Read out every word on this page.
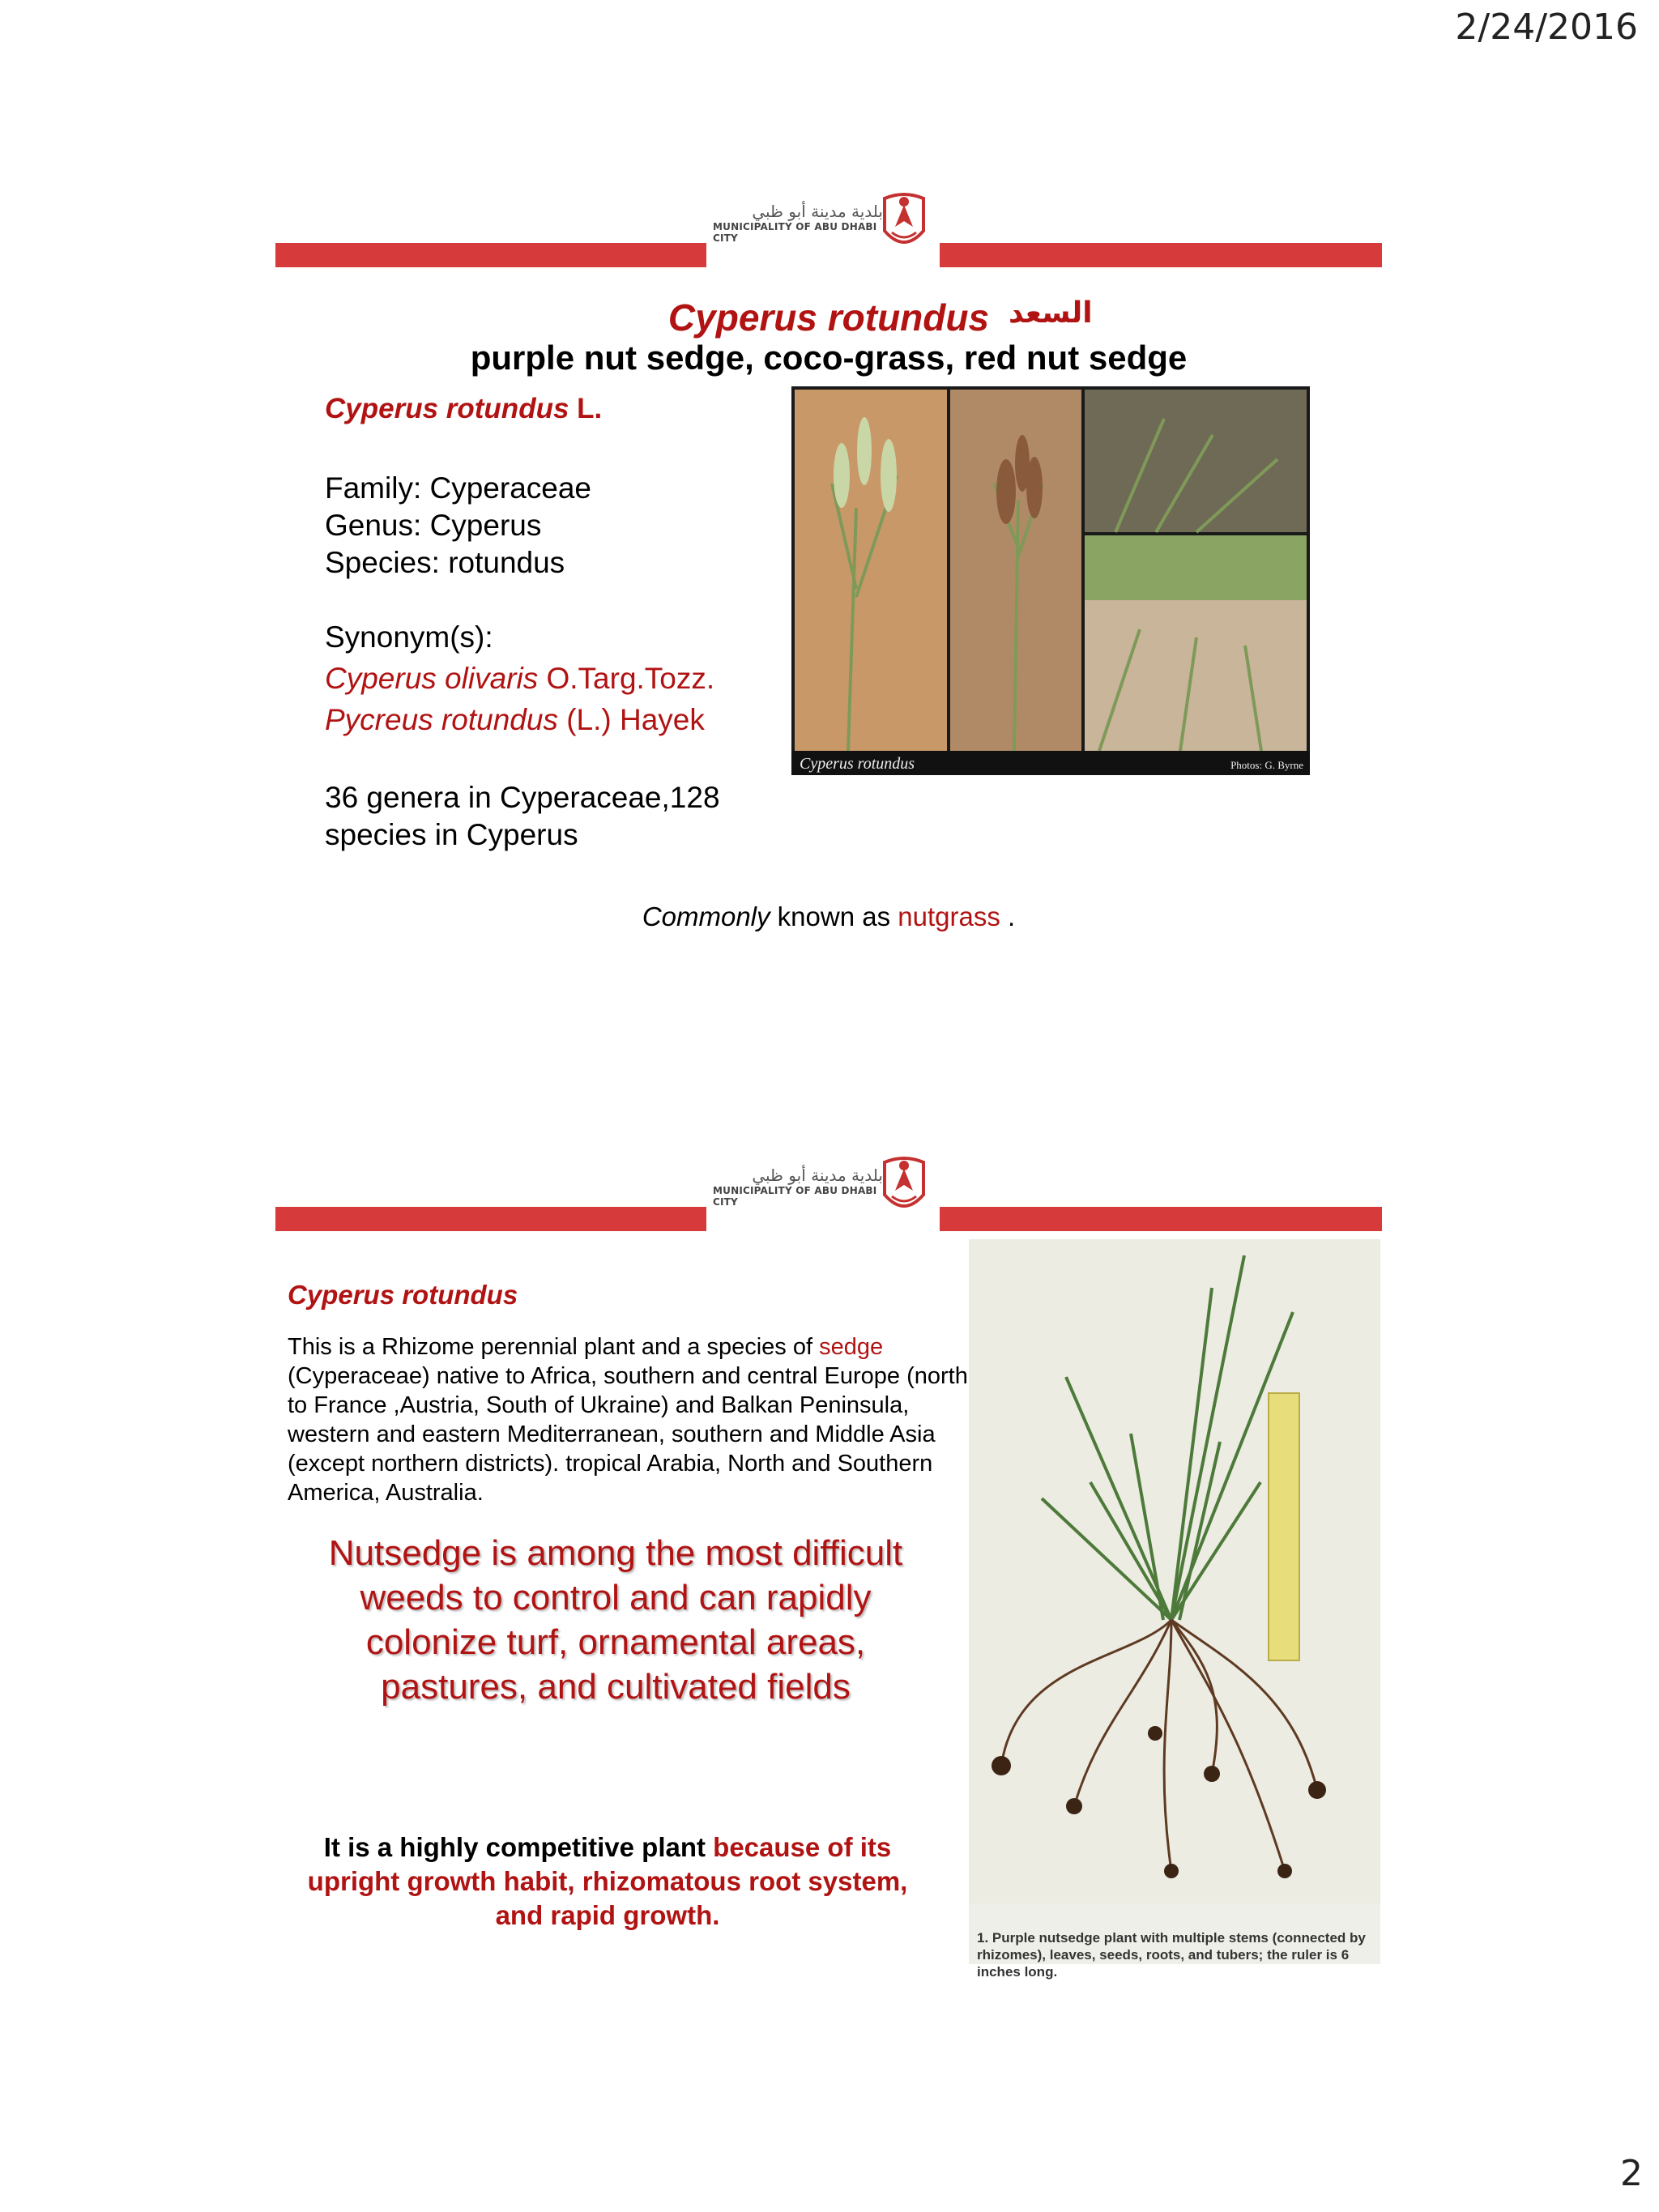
2/24/2016
بلدية مدينة أبو ظبي
MUNICIPALITY OF ABU DHABI CITY
Cyperus rotundus السعد
purple nut sedge, coco-grass, red nut sedge

Cyperus rotundus L.

Family: Cyperaceae

Genus: Cyperus

Species: rotundus

Synonym(s):

Cyperus olivaris O.Targ.Tozz.

Pycreus rotundus (L.) Hayek

36 genera in Cyperaceae,128

species in Cyperus

Cyperus rotundus	Photos: G. Byrne
Commonly known as nutgrass .
بلدية مدينة أبو ظبي
MUNICIPALITY OF ABU DHABI CITY
Cyperus rotundus
This is a Rhizome perennial plant and a species of sedge (Cyperaceae) native to Africa, southern and central Europe (north to France ,Austria, South of Ukraine) and Balkan Peninsula, western and eastern Mediterranean, southern and Middle Asia (except northern districts). tropical Arabia, North and Southern America, Australia.
Nutsedge is among the most difficult weeds to control and can rapidly colonize turf, ornamental areas, pastures, and cultivated fields
It is a highly competitive plant because of its upright growth habit, rhizomatous root system, and rapid growth.
1. Purple nutsedge plant with multiple stems (connected by rhizomes), leaves, seeds, roots, and tubers; the ruler is 6 inches long.
2
